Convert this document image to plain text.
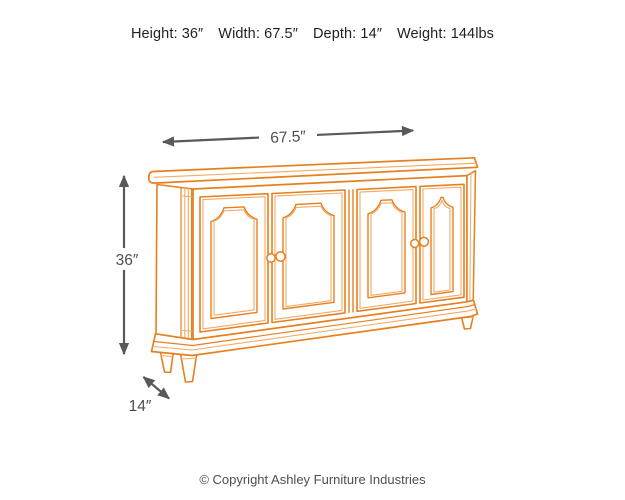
Height: 36″ Width: 67.5″ Depth: 14″ Weight: 144lbs
67.5″
36″
14″
© Copyright Ashley Furniture Industries
